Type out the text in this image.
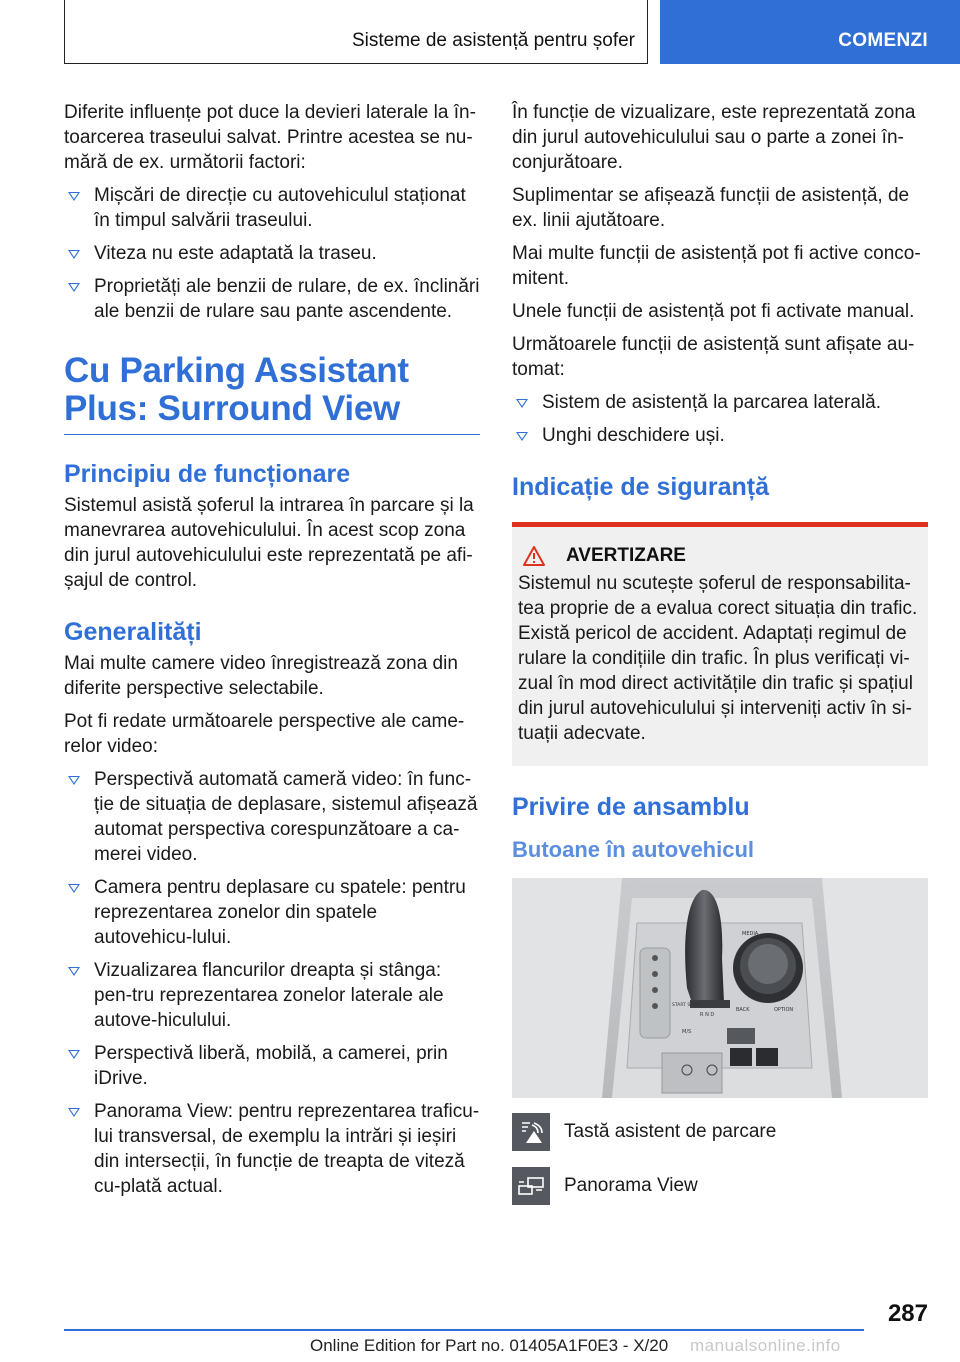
Sisteme de asistență pentru șofer	COMENZI

Diferite influențe pot duce la devieri laterale la în-toarcerea traseului salvat. Printre acestea se nu-mără de ex. următorii factori:

Mișcări de direcție cu autovehiculul staționat în timpul salvării traseului.
Viteza nu este adaptată la traseu.
Proprietăți ale benzii de rulare, de ex. înclinări ale benzii de rulare sau pante ascendente.
Cu Parking Assistant Plus: Surround View
Principiu de funcționare

Sistemul asistă șoferul la intrarea în parcare și la manevrarea autovehiculului. În acest scop zona din jurul autovehiculului este reprezentată pe afi-șajul de control.

Generalități

Mai multe camere video înregistrează zona din diferite perspective selectabile.

Pot fi redate următoarele perspective ale came-relor video:

Perspectivă automată cameră video: în func-ție de situația de deplasare, sistemul afișează automat perspectiva corespunzătoare a ca-merei video.
Camera pentru deplasare cu spatele: pentru reprezentarea zonelor din spatele autovehicu-lului.
Vizualizarea flancurilor dreapta și stânga: pen-tru reprezentarea zonelor laterale ale autove-hiculului.
Perspectivă liberă, mobilă, a camerei, prin iDrive.
Panorama View: pentru reprezentarea traficu-lui transversal, de exemplu la intrări și ieșiri din intersecții, în funcție de treapta de viteză cu-plată actual.

În funcție de vizualizare, este reprezentată zona din jurul autovehiculului sau o parte a zonei în-conjurătoare.

Suplimentar se afișează funcții de asistență, de ex. linii ajutătoare.

Mai multe funcții de asistență pot fi active conco-mitent.

Unele funcții de asistență pot fi activate manual.

Următoarele funcții de asistență sunt afișate au-tomat:

Sistem de asistență la parcarea laterală.
Unghi deschidere uși.
Indicație de siguranță
AVERTIZARE

Sistemul nu scutește șoferul de responsabilita-tea proprie de a evalua corect situația din trafic. Există pericol de accident. Adaptați regimul de rulare la condițiile din trafic. În plus verificați vi-zual în mod direct activitățile din trafic și spațiul din jurul autovehiculului și interveniți activ în si-tuații adecvate.

Privire de ansamblu
Butoane în autovehicul
R N D
M/S
START STOP
MEDIA
BACK	OPTION
Tastă asistent de parcare
Panorama View
287
Online Edition for Part no. 01405A1F0E3 - X/20 manualsonline.info
